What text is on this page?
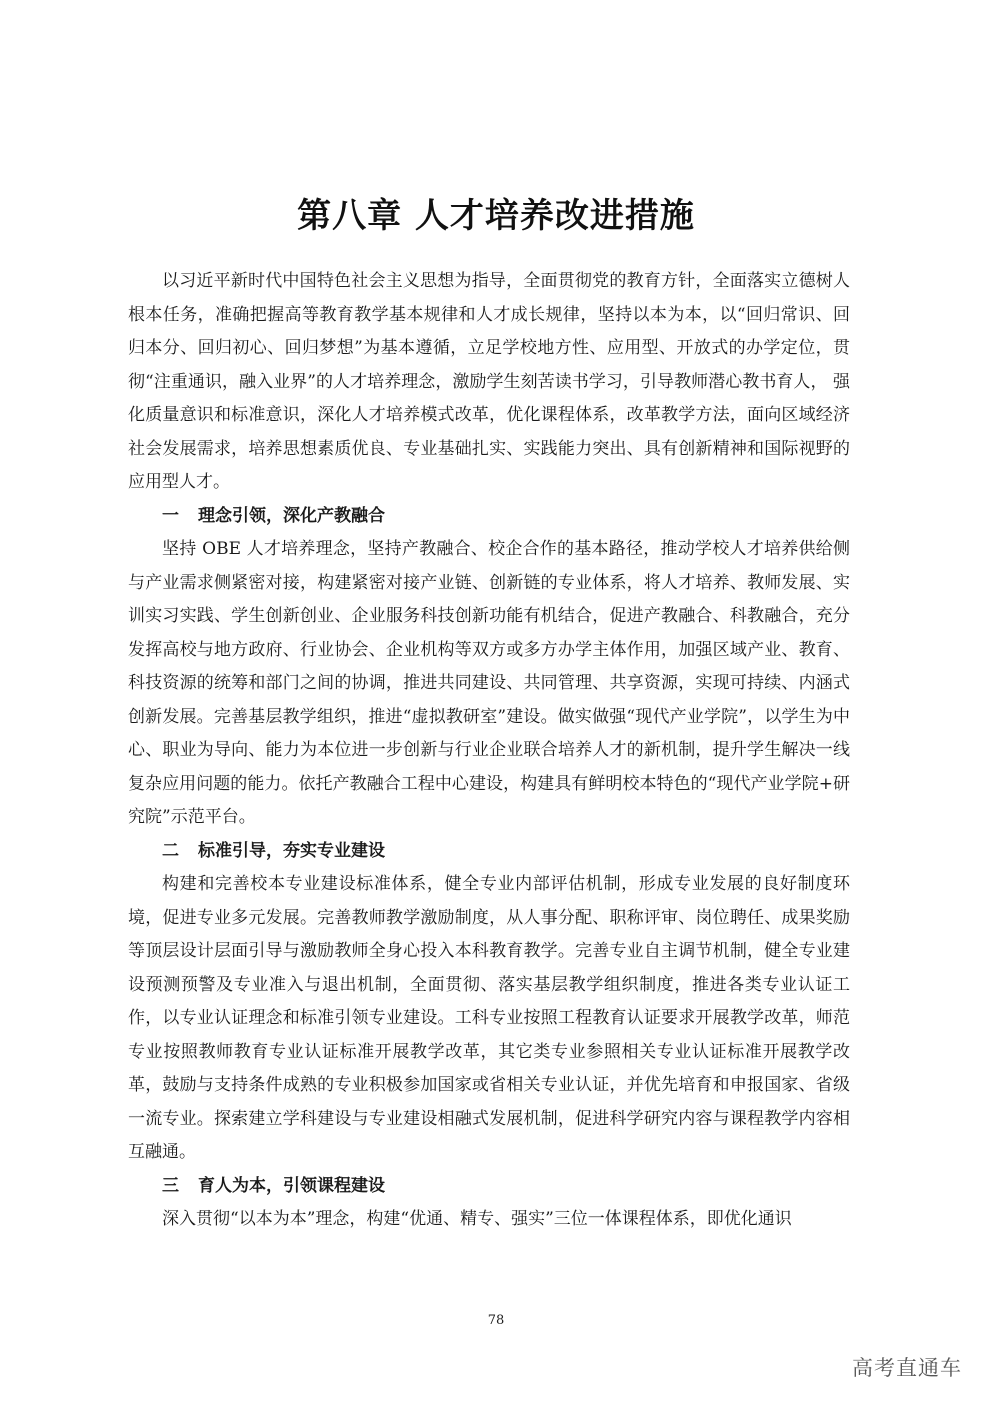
第八章 人才培养改进措施

以习近平新时代中国特色社会主义思想为指导，全面贯彻党的教育方针，全面落实立德树人根本任务，准确把握高等教育教学基本规律和人才成长规律，坚持以本为本，以“回归常识、回归本分、回归初心、回归梦想”为基本遵循，立足学校地方性、应用型、开放式的办学定位，贯彻“注重通识，融入业界”的人才培养理念，激励学生刻苦读书学习，引导教师潜心教书育人， 强化质量意识和标准意识，深化人才培养模式改革，优化课程体系，改革教学方法，面向区域经济社会发展需求，培养思想素质优良、专业基础扎实、实践能力突出、具有创新精神和国际视野的应用型人才。

一 理念引领，深化产教融合

坚持 OBE 人才培养理念，坚持产教融合、校企合作的基本路径，推动学校人才培养供给侧与产业需求侧紧密对接，构建紧密对接产业链、创新链的专业体系，将人才培养、教师发展、实训实习实践、学生创新创业、企业服务科技创新功能有机结合，促进产教融合、科教融合，充分发挥高校与地方政府、行业协会、企业机构等双方或多方办学主体作用，加强区域产业、教育、科技资源的统筹和部门之间的协调，推进共同建设、共同管理、共享资源，实现可持续、内涵式创新发展。完善基层教学组织，推进“虚拟教研室”建设。做实做强“现代产业学院”，以学生为中心、职业为导向、能力为本位进一步创新与行业企业联合培养人才的新机制，提升学生解决一线复杂应用问题的能力。依托产教融合工程中心建设，构建具有鲜明校本特色的“现代产业学院+研究院”示范平台。

二 标准引导，夯实专业建设

构建和完善校本专业建设标准体系，健全专业内部评估机制，形成专业发展的良好制度环境，促进专业多元发展。完善教师教学激励制度，从人事分配、职称评审、岗位聘任、成果奖励等顶层设计层面引导与激励教师全身心投入本科教育教学。完善专业自主调节机制，健全专业建设预测预警及专业准入与退出机制，全面贯彻、落实基层教学组织制度，推进各类专业认证工作，以专业认证理念和标准引领专业建设。工科专业按照工程教育认证要求开展教学改革，师范专业按照教师教育专业认证标准开展教学改革，其它类专业参照相关专业认证标准开展教学改革，鼓励与支持条件成熟的专业积极参加国家或省相关专业认证，并优先培育和申报国家、省级一流专业。探索建立学科建设与专业建设相融式发展机制，促进科学研究内容与课程教学内容相互融通。

三 育人为本，引领课程建设

深入贯彻“以本为本”理念，构建“优通、精专、强实”三位一体课程体系，即优化通识

78
高考直通车
